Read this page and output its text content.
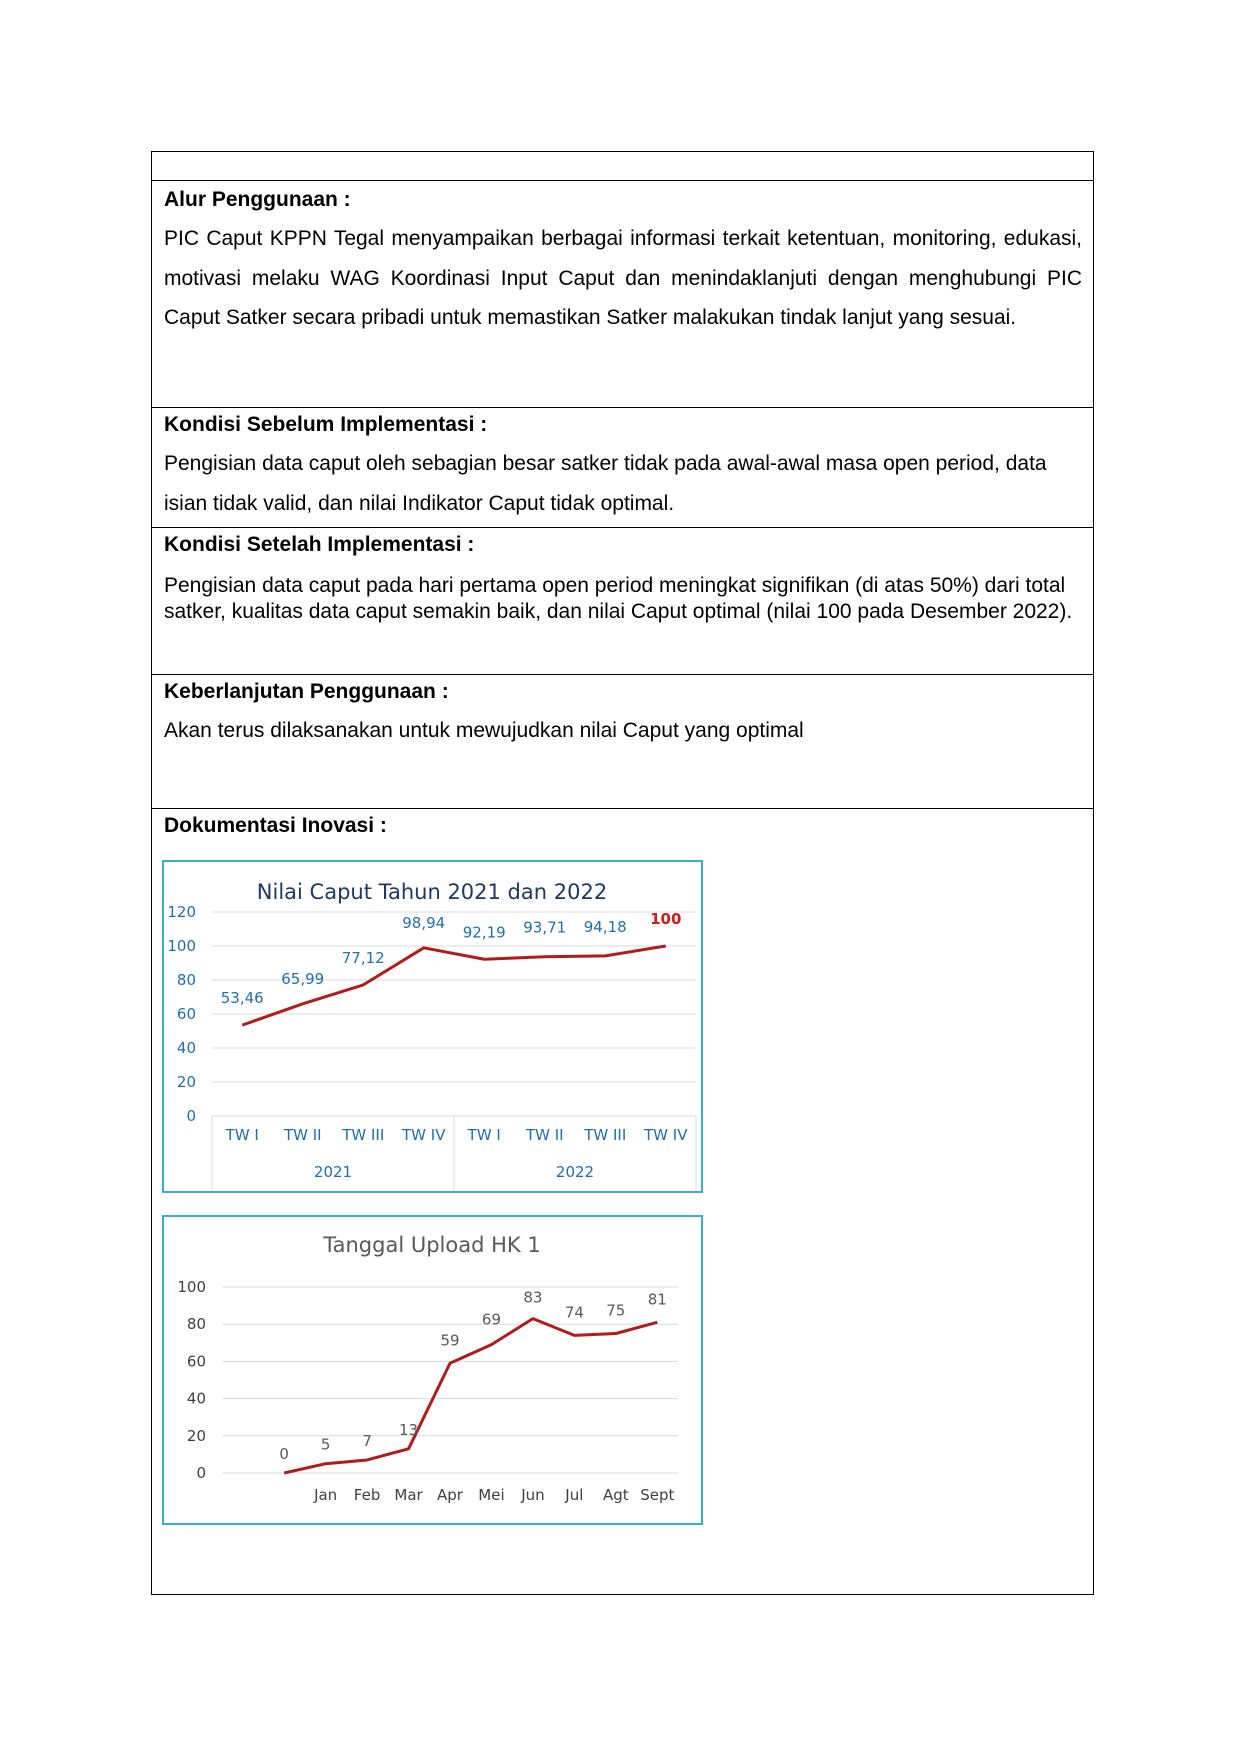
Alur Penggunaan :

PIC Caput KPPN Tegal menyampaikan berbagai informasi terkait ketentuan, monitoring, edukasi, motivasi melaku WAG Koordinasi Input Caput dan menindaklanjuti dengan menghubungi PIC Caput Satker secara pribadi untuk memastikan Satker malakukan tindak lanjut yang sesuai.

Kondisi Sebelum Implementasi :

Pengisian data caput oleh sebagian besar satker tidak pada awal-awal masa open period, data isian tidak valid, dan nilai Indikator Caput tidak optimal.

Kondisi Setelah Implementasi :

Pengisian data caput pada hari pertama open period meningkat signifikan (di atas 50%) dari total satker, kualitas data caput semakin baik, dan nilai Caput optimal (nilai 100 pada Desember 2022).

Keberlanjutan Penggunaan :

Akan terus dilaksanakan untuk mewujudkan nilai Caput yang optimal

Dokumentasi Inovasi :

Nilai Caput Tahun 2021 dan 2022
0
20
40
60
80
100
120
TW I TW II TW III TW IV TW I TW II TW III TW IV
2021	2022
53,46
65,99
77,12
98,94
92,19 93,71 94,18 100
Tanggal Upload HK 1
0
20
40
60
80
100
Jan Feb Mar Apr Mei Jun Jul Agt Sept
0
5 7
13
59
69
83
74 75
81
